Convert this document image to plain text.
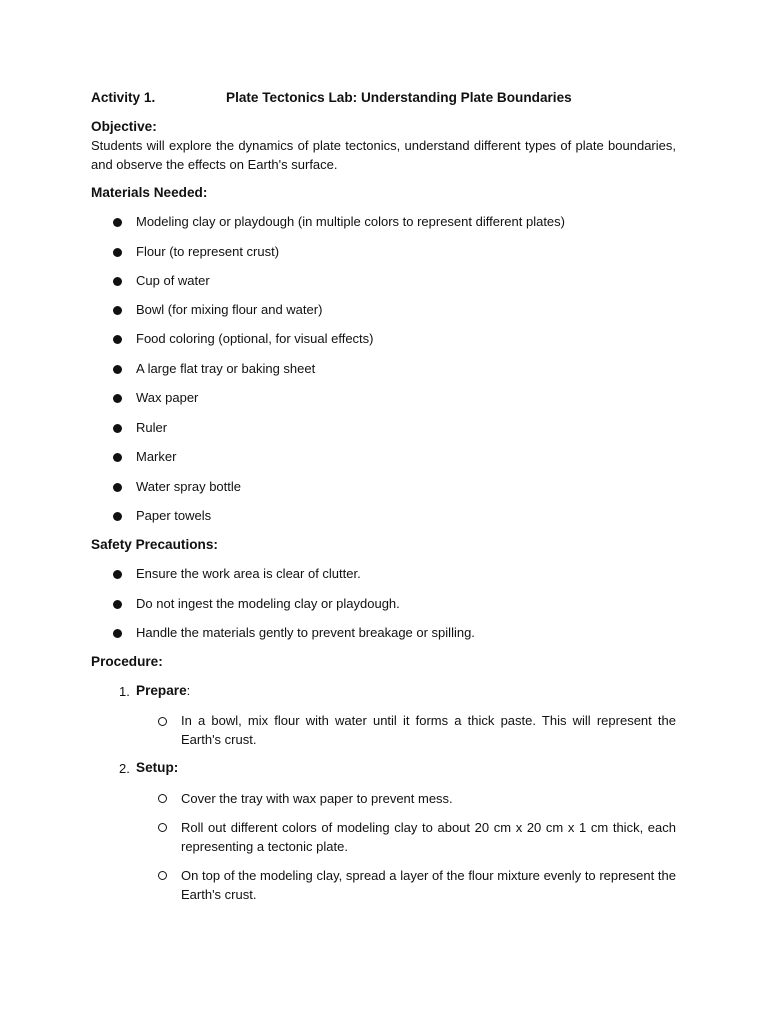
Activity 1.	Plate Tectonics Lab: Understanding Plate Boundaries
Objective:
Students will explore the dynamics of plate tectonics, understand different types of plate boundaries, and observe the effects on Earth's surface.
Materials Needed:
Modeling clay or playdough (in multiple colors to represent different plates)
Flour (to represent crust)
Cup of water
Bowl (for mixing flour and water)
Food coloring (optional, for visual effects)
A large flat tray or baking sheet
Wax paper
Ruler
Marker
Water spray bottle
Paper towels
Safety Precautions:
Ensure the work area is clear of clutter.
Do not ingest the modeling clay or playdough.
Handle the materials gently to prevent breakage or spilling.
Procedure:
1. Prepare:
In a bowl, mix flour with water until it forms a thick paste. This will represent the Earth's crust.
2. Setup:
Cover the tray with wax paper to prevent mess.
Roll out different colors of modeling clay to about 20 cm x 20 cm x 1 cm thick, each representing a tectonic plate.
On top of the modeling clay, spread a layer of the flour mixture evenly to represent the Earth's crust.
